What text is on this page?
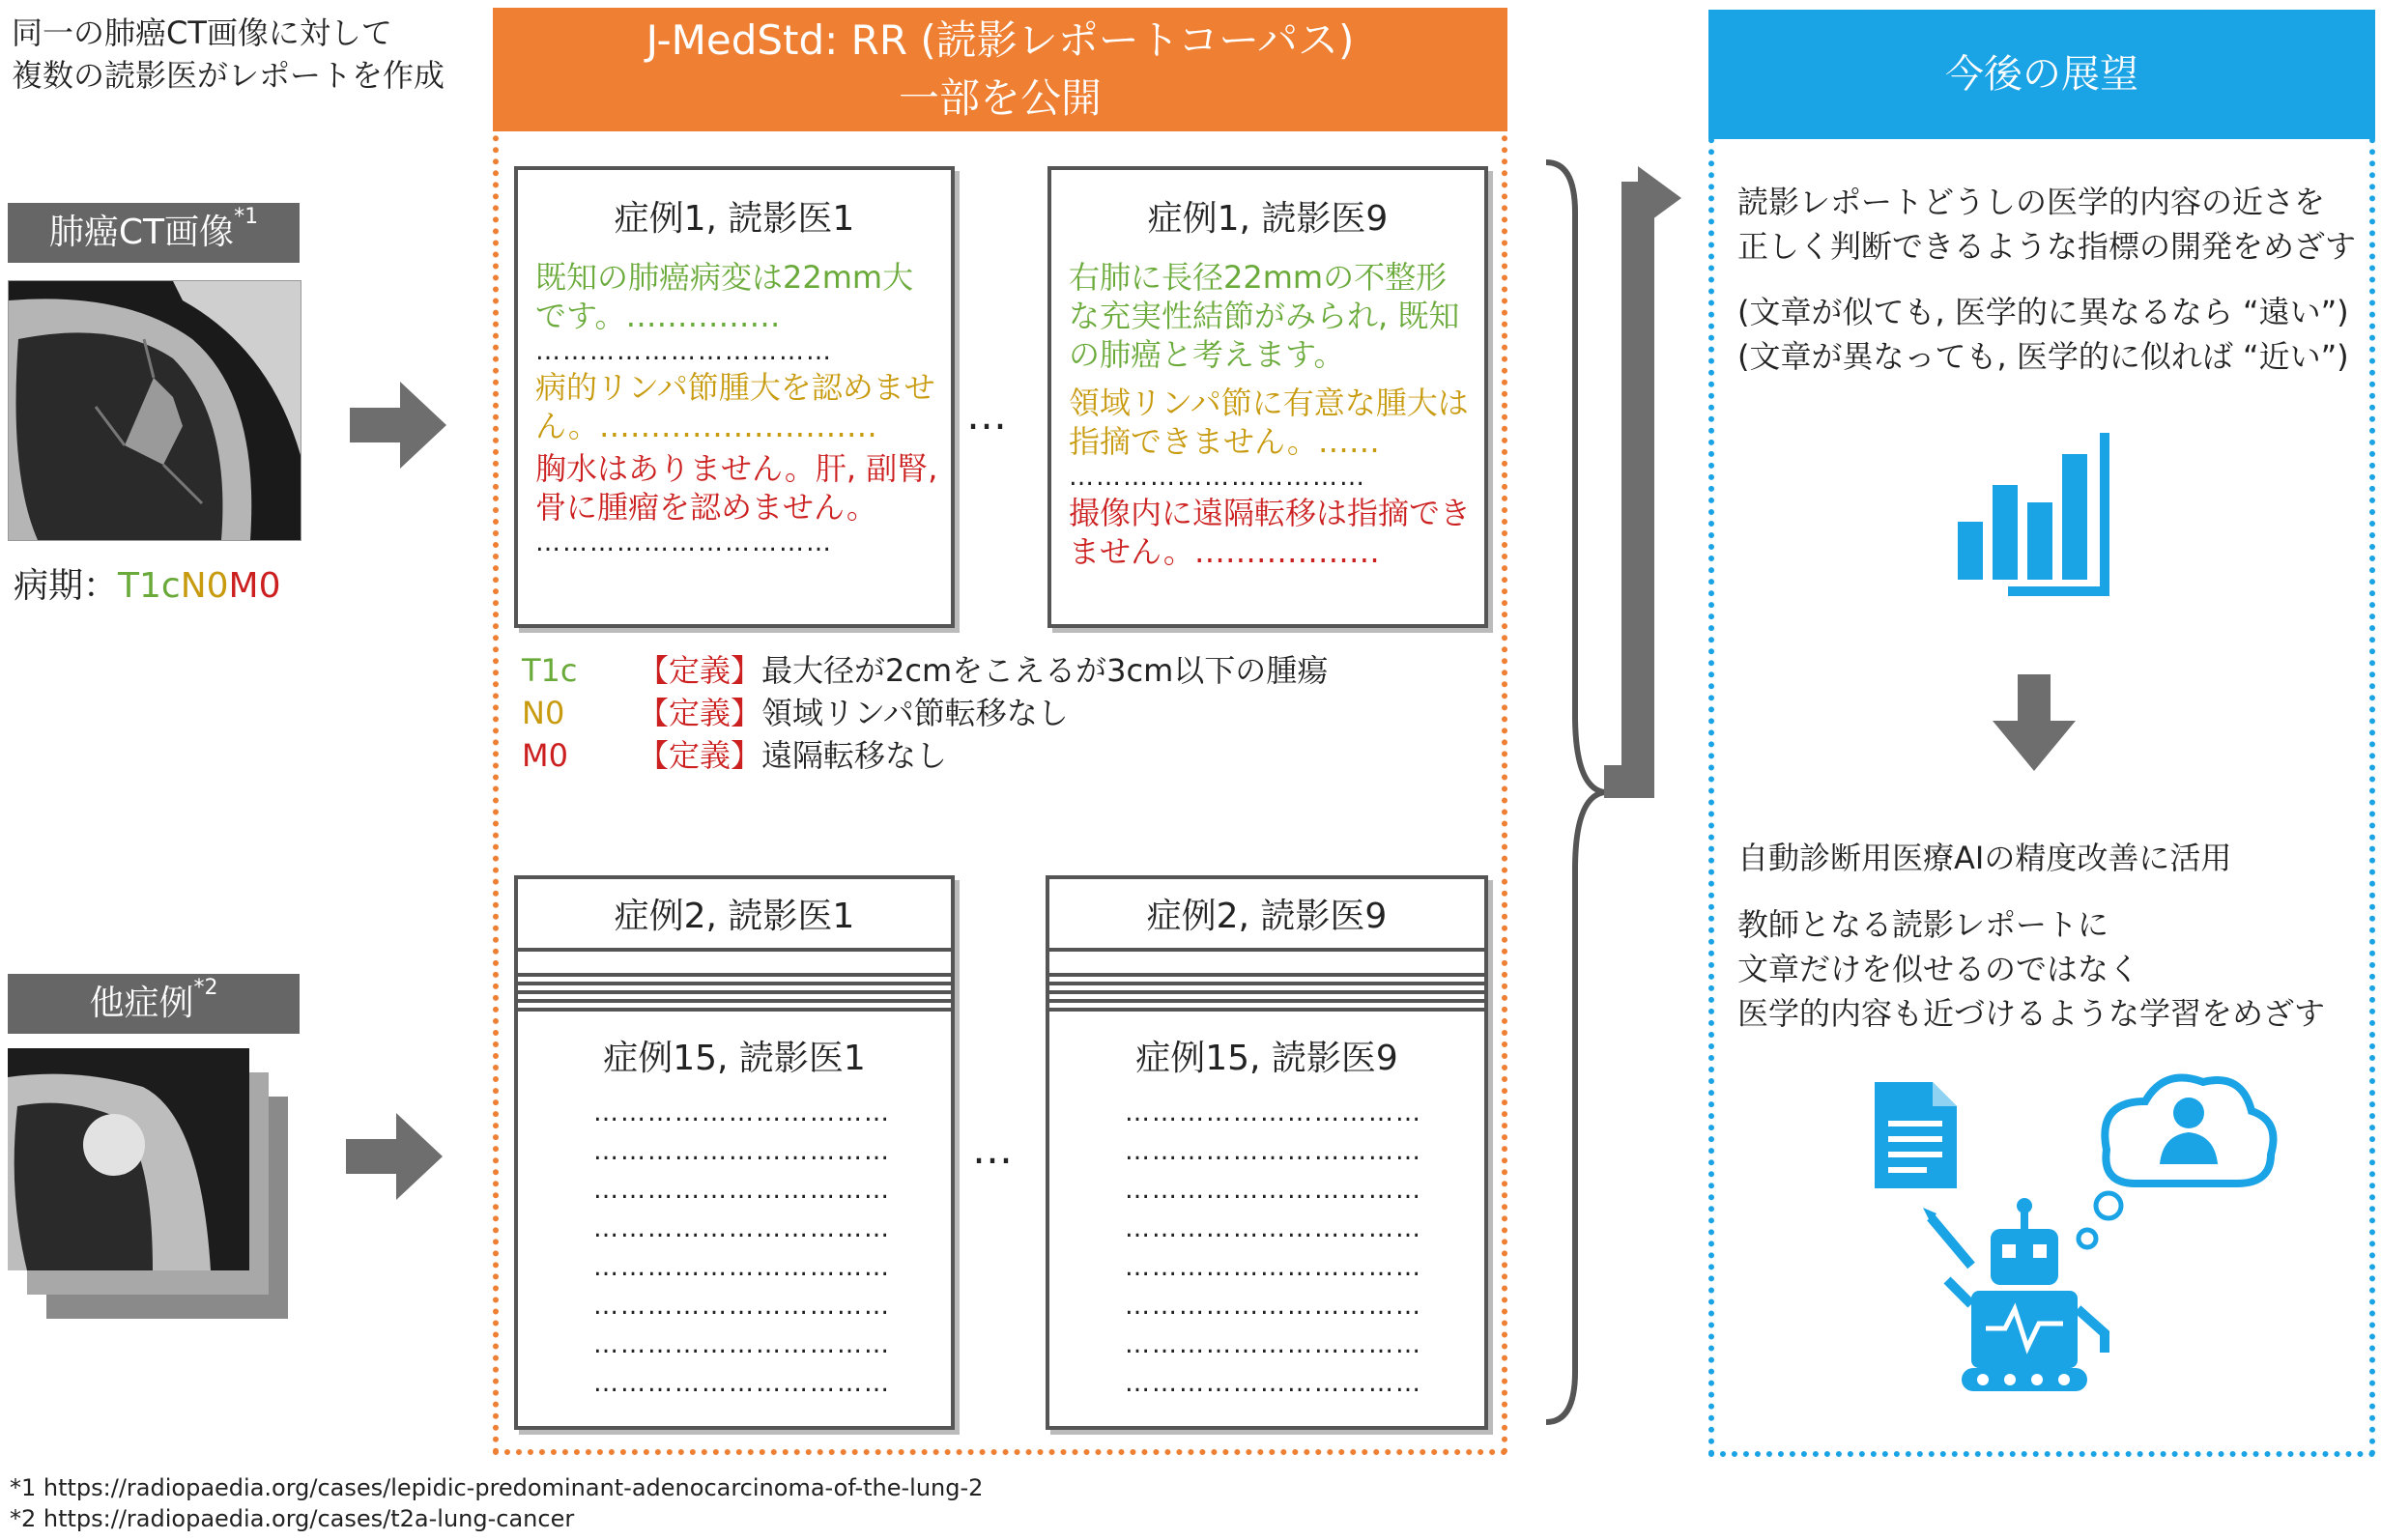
同一の肺癌CT画像に対して
複数の読影医がレポートを作成
肺癌CT画像$^{*1}$
病期：T1cN0M0
他症例$^{*2}$
J-MedStd: RR (読影レポートコーパス)
一部を公開
症例1, 読影医1
既知の肺癌病変は22mm大です。……………
……………………………
病的リンパ節腫大を認めません。………………………
胸水はありません。肝, 副腎, 骨に腫瘤を認めません。
……………………………
…
症例1, 読影医9
右肺に長径22mmの不整形な充実性結節がみられ, 既知の肺癌と考えます。
領域リンパ節に有意な腫大は指摘できません。……
……………………………
撮像内に遠隔転移は指摘できません。………………
T1c 【定義】最大径が2cmをこえるが3cm以下の腫瘍
N0 【定義】領域リンパ節転移なし
M0 【定義】遠隔転移なし
症例2, 読影医1
症例15, 読影医1
……………………………
……………………………
……………………………
……………………………
……………………………
……………………………
……………………………
……………………………
…
症例2, 読影医9
症例15, 読影医9
……………………………
……………………………
……………………………
……………………………
……………………………
……………………………
……………………………
……………………………
今後の展望
読影レポートどうしの医学的内容の近さを
正しく判断できるような指標の開発をめざす
(文章が似ても, 医学的に異なるなら “遠い”)
(文章が異なっても, 医学的に似れば “近い”)
自動診断用医療AIの精度改善に活用
教師となる読影レポートに
文章だけを似せるのではなく
医学的内容も近づけるような学習をめざす
*1 https://radiopaedia.org/cases/lepidic-predominant-adenocarcinoma-of-the-lung-2
*2 https://radiopaedia.org/cases/t2a-lung-cancer
